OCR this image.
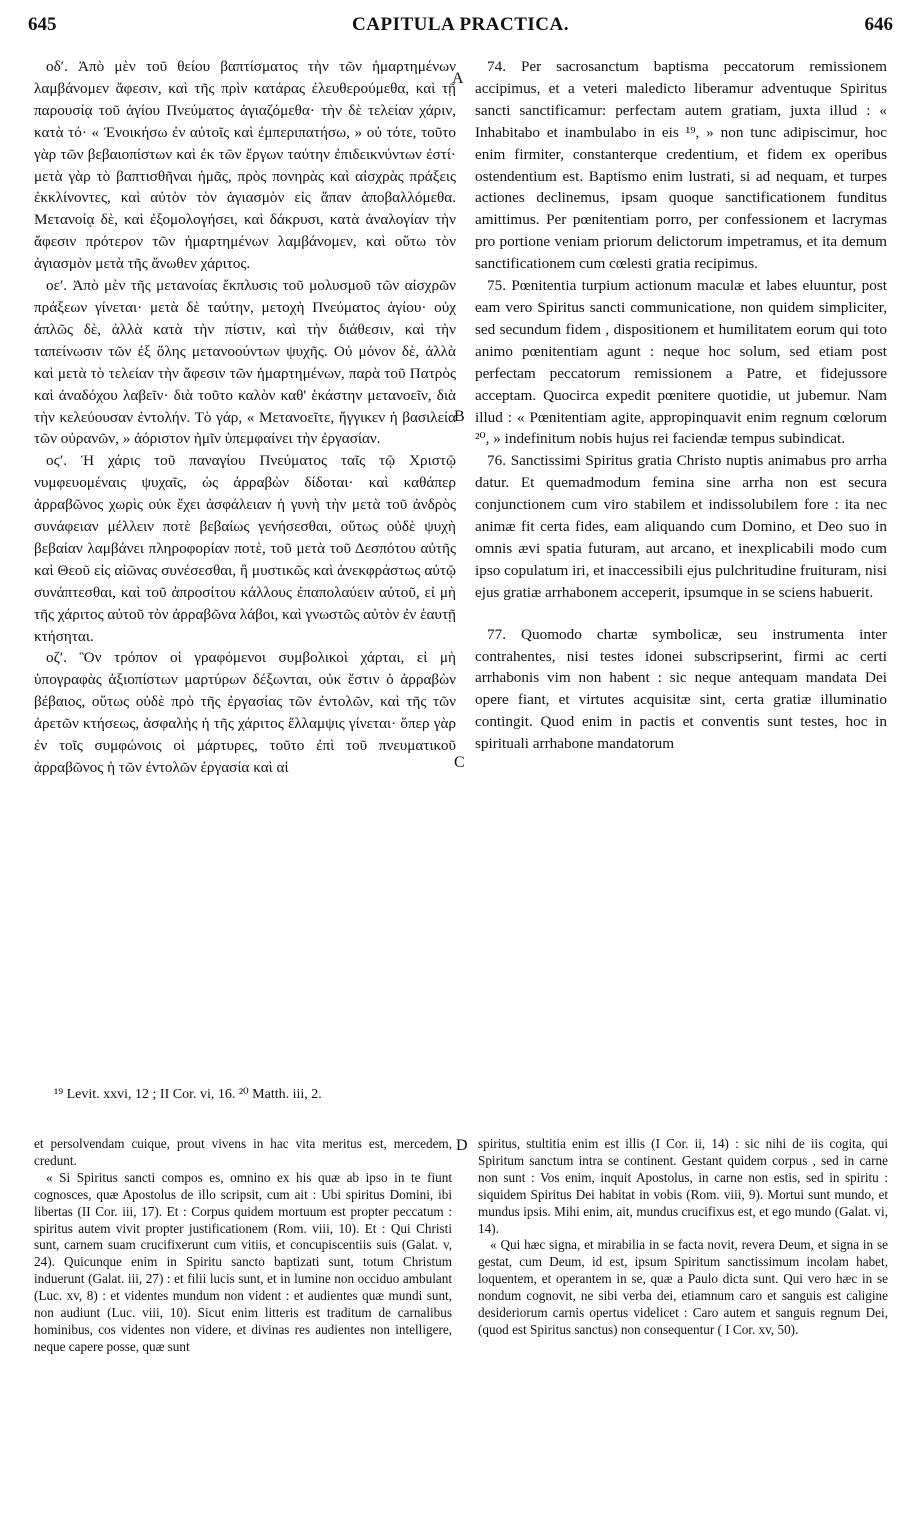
645	CAPITULA PRACTICA.	646

οδʹ. Ἀπὸ μὲν τοῦ θείου βαπτίσματος τὴν τῶν ἡμαρτημένων λαμβάνομεν ἄφεσιν, καὶ τῆς πρὶν κατάρας ἐλευθερούμεθα, καὶ τῇ παρουσίᾳ τοῦ ἁγίου Πνεύματος ἁγιαζόμεθα· τὴν δὲ τελείαν χάριν, κατὰ τό· « Ἐνοικήσω ἐν αὐτοῖς καὶ ἐμπεριπατήσω, » οὐ τότε, τοῦτο γὰρ τῶν βεβαιοπίστων καὶ ἐκ τῶν ἔργων ταύτην ἐπιδεικνύντων ἐστί· μετὰ γὰρ τὸ βαπτισθῆναι ἡμᾶς, πρὸς πονηρὰς καὶ αἰσχρὰς πράξεις ἐκκλίνοντες, καὶ αὐτὸν τὸν ἁγιασμὸν εἰς ἅπαν ἀποβαλλόμεθα. Μετανοίᾳ δὲ, καὶ ἐξομολογήσει, καὶ δάκρυσι, κατὰ ἀναλογίαν τὴν ἄφεσιν πρότερον τῶν ἡμαρτημένων λαμβάνομεν, καὶ οὕτω τὸν ἁγιασμὸν μετὰ τῆς ἄνωθεν χάριτος.

οεʹ. Ἀπὸ μὲν τῆς μετανοίας ἔκπλυσις τοῦ μολυσμοῦ τῶν αἰσχρῶν πράξεων γίνεται· μετὰ δὲ ταύτην, μετοχὴ Πνεύματος ἁγίου· οὐχ ἁπλῶς δὲ, ἀλλὰ κατὰ τὴν πίστιν, καὶ τὴν διάθεσιν, καὶ τὴν ταπείνωσιν τῶν ἐξ ὅλης μετανοούντων ψυχῆς. Οὐ μόνον δὲ, ἀλλὰ καὶ μετὰ τὸ τελείαν τὴν ἄφεσιν τῶν ἡμαρτημένων, παρὰ τοῦ Πατρὸς καὶ ἀναδόχου λαβεῖν· διὰ τοῦτο καλὸν καθ' ἑκάστην μετανοεῖν, διὰ τὴν κελεύουσαν ἐντολήν. Τὸ γάρ, « Μετανοεῖτε, ἤγγικεν ἡ βασιλεία τῶν οὐρανῶν, » ἀόριστον ἡμῖν ὑπεμφαίνει τὴν ἐργασίαν.

οϛʹ. Ἡ χάρις τοῦ παναγίου Πνεύματος ταῖς τῷ Χριστῷ νυμφευομέναις ψυχαῖς, ὡς ἀρραβὼν δίδοται· καὶ καθάπερ ἀρραβῶνος χωρὶς οὐκ ἔχει ἀσφάλειαν ἡ γυνὴ τὴν μετὰ τοῦ ἀνδρὸς συνάφειαν μέλλειν ποτὲ βεβαίως γενήσεσθαι, οὕτως οὐδὲ ψυχὴ βεβαίαν λαμβάνει πληροφορίαν ποτὲ, τοῦ μετὰ τοῦ Δεσπότου αὐτῆς καὶ Θεοῦ εἰς αἰῶνας συνέσεσθαι, ἢ μυστικῶς καὶ ἀνεκφράστως αὐτῷ συνάπτεσθαι, καὶ τοῦ ἀπροσίτου κάλλους ἐπαπολαύειν αὐτοῦ, εἰ μὴ τῆς χάριτος αὐτοῦ τὸν ἀρραβῶνα λάβοι, καὶ γνωστῶς αὐτὸν ἐν ἑαυτῇ κτήσηται.

οζʹ. Ὃν τρόπον οἱ γραφόμενοι συμβολικοὶ χάρται, εἰ μὴ ὑπογραφὰς ἀξιοπίστων μαρτύρων δέξωνται, οὐκ ἔστιν ὁ ἀρραβὼν βέβαιος, οὕτως οὐδὲ πρὸ τῆς ἐργασίας τῶν ἐντολῶν, καὶ τῆς τῶν ἀρετῶν κτήσεως, ἀσφαλὴς ἡ τῆς χάριτος ἔλλαμψις γίνεται· ὅπερ γὰρ ἐν τοῖς συμφώνοις οἱ μάρτυρες, τοῦτο ἐπὶ τοῦ πνευματικοῦ ἀρραβῶνος ἡ τῶν ἐντολῶν ἐργασία καὶ αἱ

A
B
C
D

74. Per sacrosanctum baptisma peccatorum remissionem accipimus, et a veteri maledicto liberamur adventuque Spiritus sancti sanctificamur: perfectam autem gratiam, juxta illud : « Inhabitabo et inambulabo in eis ¹⁹, » non tunc adipiscimur, hoc enim firmiter, constanterque credentium, et fidem ex operibus ostendentium est. Baptismo enim lustrati, si ad nequam, et turpes actiones declinemus, ipsam quoque sanctificationem funditus amittimus. Per pœnitentiam porro, per confessionem et lacrymas pro portione veniam priorum delictorum impetramus, et ita demum sanctificationem cum cœlesti gratia recipimus.

75. Pœnitentia turpium actionum maculæ et labes eluuntur, post eam vero Spiritus sancti communicatione, non quidem simpliciter, sed secundum fidem , dispositionem et humilitatem eorum qui toto animo pœnitentiam agunt : neque hoc solum, sed etiam post perfectam peccatorum remissionem a Patre, et fidejussore acceptam. Quocirca expedit pœnitere quotidie, ut jubemur. Nam illud : « Pœnitentiam agite, appropinquavit enim regnum cœlorum ²⁰, » indefinitum nobis hujus rei faciendæ tempus subindicat.

76. Sanctissimi Spiritus gratia Christo nuptis animabus pro arrha datur. Et quemadmodum femina sine arrha non est secura conjunctionem cum viro stabilem et indissolubilem fore : ita nec animæ fit certa fides, eam aliquando cum Domino, et Deo suo in omnis ævi spatia futuram, aut arcano, et inexplicabili modo cum ipso copulatum iri, et inaccessibili ejus pulchritudine fruituram, nisi ejus gratiæ arrhabonem acceperit, ipsumque in se sciens habuerit.

77. Quomodo chartæ symbolicæ, seu instrumenta inter contrahentes, nisi testes idonei subscripserint, firmi ac certi arrhabonis vim non habent : sic neque antequam mandata Dei opere fiant, et virtutes acquisitæ sint, certa gratiæ illuminatio contingit. Quod enim in pactis et conventis sunt testes, hoc in spirituali arrhabone mandatorum

¹⁹ Levit. xxvi, 12 ; II Cor. vi, 16. ²⁰ Matth. iii, 2.

et persolvendam cuique, prout vivens in hac vita meritus est, mercedem, credunt.

« Si Spiritus sancti compos es, omnino ex his quæ ab ipso in te fiunt cognosces, quæ Apostolus de illo scripsit, cum ait : Ubi spiritus Domini, ibi libertas (II Cor. iii, 17). Et : Corpus quidem mortuum est propter peccatum : spiritus autem vivit propter justificationem (Rom. viii, 10). Et : Qui Christi sunt, carnem suam crucifixerunt cum vitiis, et concupiscentiis suis (Galat. v, 24). Quicunque enim in Spiritu sancto baptizati sunt, totum Christum induerunt (Galat. iii, 27) : et filii lucis sunt, et in lumine non occiduo ambulant (Luc. xv, 8) : et videntes mundum non vident : et audientes quæ mundi sunt, non audiunt (Luc. viii, 10). Sicut enim litteris est traditum de carnalibus hominibus, cos videntes non videre, et divinas res audientes non intelligere, neque capere posse, quæ sunt

spiritus, stultitia enim est illis (I Cor. ii, 14) : sic nihi de iis cogita, qui Spiritum sanctum intra se continent. Gestant quidem corpus , sed in carne non sunt : Vos enim, inquit Apostolus, in carne non estis, sed in spiritu : siquidem Spiritus Dei habitat in vobis (Rom. viii, 9). Mortui sunt mundo, et mundus ipsis. Mihi enim, ait, mundus crucifixus est, et ego mundo (Galat. vi, 14).

« Qui hæc signa, et mirabilia in se facta novit, revera Deum, et signa in se gestat, cum Deum, id est, ipsum Spiritum sanctissimum incolam habet, loquentem, et operantem in se, quæ a Paulo dicta sunt. Qui vero hæc in se nondum cognovit, ne sibi verba dei, etiamnum caro et sanguis est caligine desideriorum carnis opertus videlicet : Caro autem et sanguis regnum Dei, (quod est Spiritus sanctus) non consequentur ( I Cor. xv, 50).
